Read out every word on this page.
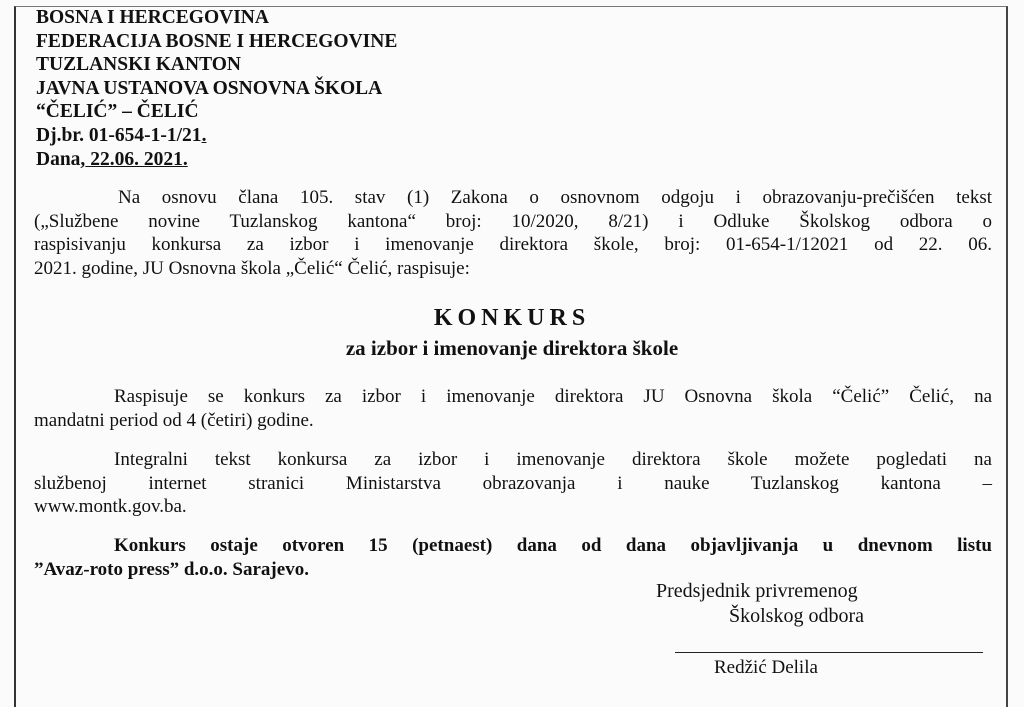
BOSNA I HERCEGOVINA
FEDERACIJA BOSNE I HERCEGOVINE
TUZLANSKI KANTON
JAVNA USTANOVA OSNOVNA ŠKOLA
“ČELIĆ” – ČELIĆ
Dj.br. 01-654-1-1/21.
Dana, 22.06. 2021.
Na osnovu člana 105. stav (1) Zakona o osnovnom odgoju i obrazovanju-prečišćen tekst
(„Službene novine Tuzlanskog kantona“ broj: 10/2020, 8/21) i Odluke Školskog odbora o
raspisivanju konkursa za izbor i imenovanje direktora škole, broj: 01-654-1/12021 od 22. 06.
2021. godine, JU Osnovna škola „Čelić“ Čelić, raspisuje:
KONKURS
za izbor i imenovanje direktora škole
Raspisuje se konkurs za izbor i imenovanje direktora JU Osnovna škola “Čelić” Čelić, na
mandatni period od 4 (četiri) godine.
Integralni tekst konkursa za izbor i imenovanje direktora škole možete pogledati na
službenoj internet stranici Ministarstva obrazovanja i nauke Tuzlanskog kantona –
www.montk.gov.ba.
Konkurs ostaje otvoren 15 (petnaest) dana od dana objavljivanja u dnevnom listu
”Avaz-roto press” d.o.o. Sarajevo.
Predsjednik privremenog
Školskog odbora
Redžić Delila
